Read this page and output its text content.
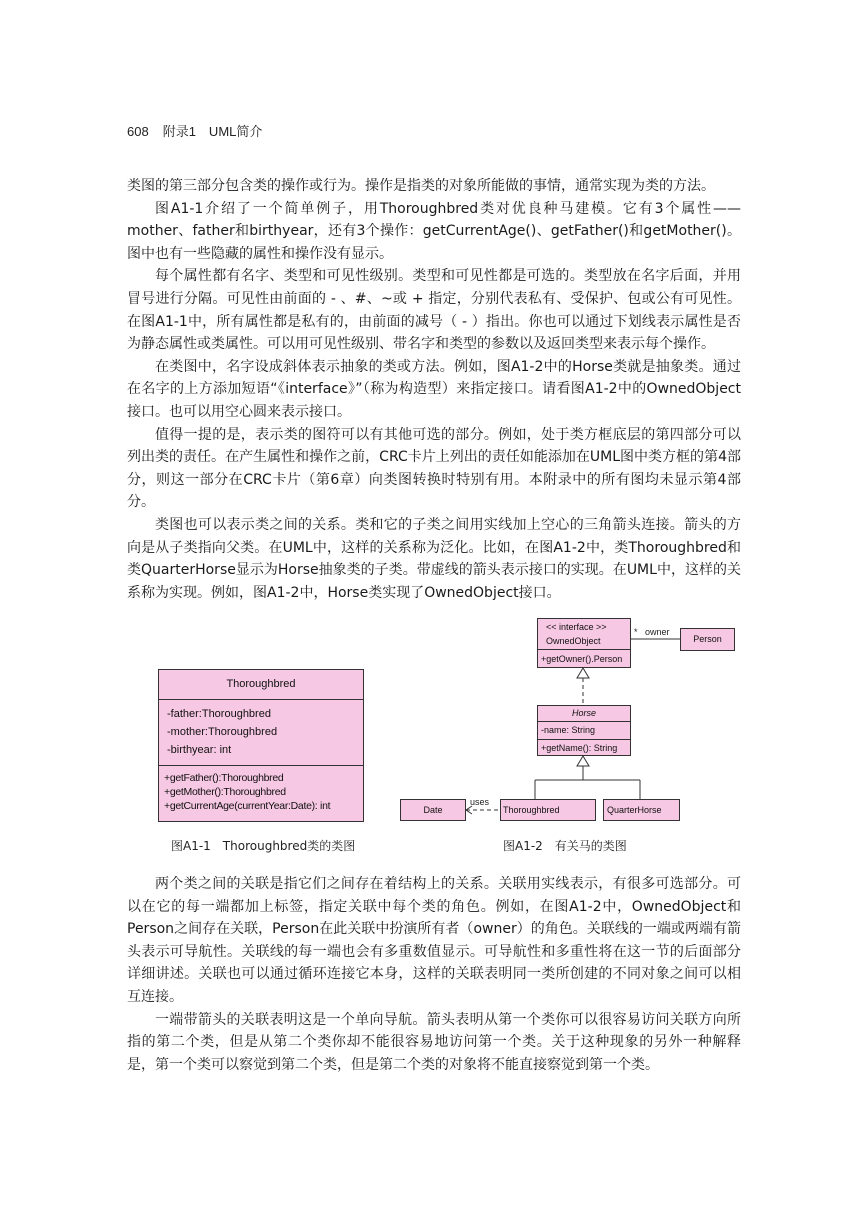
608 附录1　UML简介

类图的第三部分包含类的操作或行为。操作是指类的对象所能做的事情，通常实现为类的方法。

图A1-1介绍了一个简单例子，用Thoroughbred类对优良种马建模。它有3个属性——mother、father和birthyear，还有3个操作：getCurrentAge()、getFather()和getMother()。图中也有一些隐藏的属性和操作没有显示。

每个属性都有名字、类型和可见性级别。类型和可见性都是可选的。类型放在名字后面，并用冒号进行分隔。可见性由前面的 - 、#、~或 + 指定，分别代表私有、受保护、包或公有可见性。在图A1-1中，所有属性都是私有的，由前面的减号（ - ）指出。你也可以通过下划线表示属性是否为静态属性或类属性。可以用可见性级别、带名字和类型的参数以及返回类型来表示每个操作。

在类图中，名字设成斜体表示抽象的类或方法。例如，图A1-2中的Horse类就是抽象类。通过在名字的上方添加短语“《interface》”（称为构造型）来指定接口。请看图A1-2中的OwnedObject接口。也可以用空心圆来表示接口。

值得一提的是，表示类的图符可以有其他可选的部分。例如，处于类方框底层的第四部分可以列出类的责任。在产生属性和操作之前，CRC卡片上列出的责任如能添加在UML图中类方框的第4部分，则这一部分在CRC卡片（第6章）向类图转换时特别有用。本附录中的所有图均未显示第4部分。

类图也可以表示类之间的关系。类和它的子类之间用实线加上空心的三角箭头连接。箭头的方向是从子类指向父类。在UML中，这样的关系称为泛化。比如，在图A1-2中，类Thoroughbred和类QuarterHorse显示为Horse抽象类的子类。带虚线的箭头表示接口的实现。在UML中，这样的关系称为实现。例如，图A1-2中，Horse类实现了OwnedObject接口。

Thoroughbred
-father:Thoroughbred
-mother:Thoroughbred
-birthyear: int
+getFather():Thoroughbred
+getMother():Thoroughbred
+getCurrentAge(currentYear:Date): int
图A1-1　Thoroughbred类的类图
<< interface >>
OwnedObject
+getOwner().Person
* owner
Person
Horse
-name: String
+getName(): String
Thoroughbred	QuarterHorse
Date
uses
图A1-2　有关马的类图

两个类之间的关联是指它们之间存在着结构上的关系。关联用实线表示，有很多可选部分。可以在它的每一端都加上标签，指定关联中每个类的角色。例如，在图A1-2中，OwnedObject和Person之间存在关联，Person在此关联中扮演所有者（owner）的角色。关联线的一端或两端有箭头表示可导航性。关联线的每一端也会有多重数值显示。可导航性和多重性将在这一节的后面部分详细讲述。关联也可以通过循环连接它本身，这样的关联表明同一类所创建的不同对象之间可以相互连接。

一端带箭头的关联表明这是一个单向导航。箭头表明从第一个类你可以很容易访问关联方向所指的第二个类，但是从第二个类你却不能很容易地访问第一个类。关于这种现象的另外一种解释是，第一个类可以察觉到第二个类，但是第二个类的对象将不能直接察觉到第一个类。
